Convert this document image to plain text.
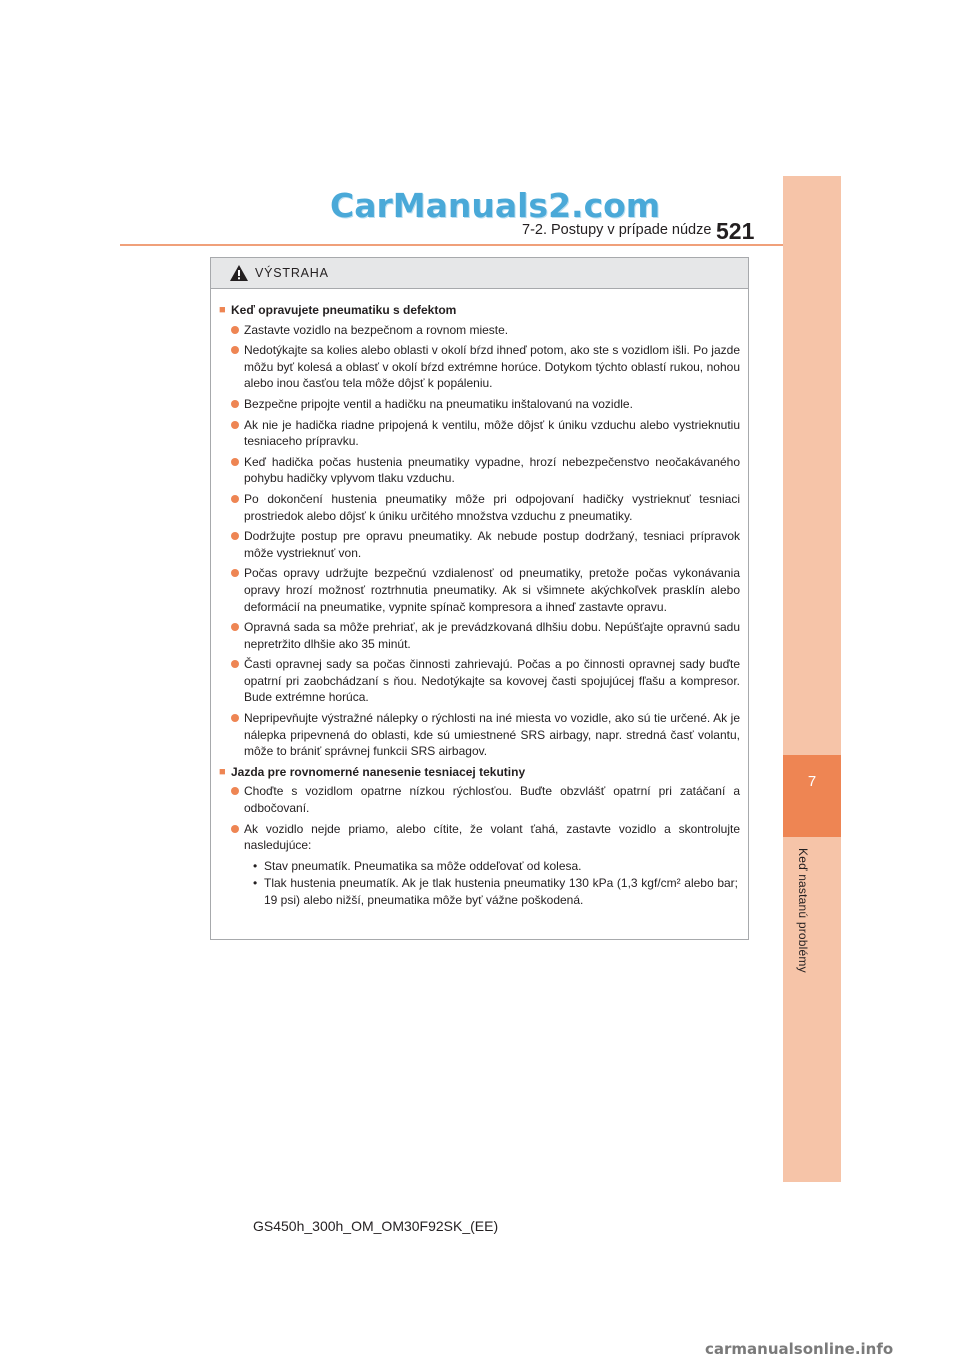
CarManuals2.com
7-2. Postupy v prípade núdze 521
7
Keď nastanú problémy
VÝSTRAHA
■ Keď opravujete pneumatiku s defektom
Zastavte vozidlo na bezpečnom a rovnom mieste.
Nedotýkajte sa kolies alebo oblasti v okolí bŕzd ihneď potom, ako ste s vozidlom išli. Po jazde môžu byť kolesá a oblasť v okolí bŕzd extrémne horúce. Dotykom týchto oblastí rukou, nohou alebo inou časťou tela môže dôjsť k popáleniu.
Bezpečne pripojte ventil a hadičku na pneumatiku inštalovanú na vozidle.
Ak nie je hadička riadne pripojená k ventilu, môže dôjsť k úniku vzduchu alebo vystrieknutiu tesniaceho prípravku.
Keď hadička počas hustenia pneumatiky vypadne, hrozí nebezpečenstvo neočakávaného pohybu hadičky vplyvom tlaku vzduchu.
Po dokončení hustenia pneumatiky môže pri odpojovaní hadičky vystrieknuť tesniaci prostriedok alebo dôjsť k úniku určitého množstva vzduchu z pneumatiky.
Dodržujte postup pre opravu pneumatiky. Ak nebude postup dodržaný, tesniaci prípravok môže vystrieknuť von.
Počas opravy udržujte bezpečnú vzdialenosť od pneumatiky, pretože počas vykonávania opravy hrozí možnosť roztrhnutia pneumatiky. Ak si všimnete akýchkoľvek prasklín alebo deformácií na pneumatike, vypnite spínač kompresora a ihneď zastavte opravu.
Opravná sada sa môže prehriať, ak je prevádzkovaná dlhšiu dobu. Nepúšťajte opravnú sadu nepretržito dlhšie ako 35 minút.
Časti opravnej sady sa počas činnosti zahrievajú. Počas a po činnosti opravnej sady buďte opatrní pri zaobchádzaní s ňou. Nedotýkajte sa kovovej časti spojujúcej fľašu a kompresor. Bude extrémne horúca.
Nepripevňujte výstražné nálepky o rýchlosti na iné miesta vo vozidle, ako sú tie určené. Ak je nálepka pripevnená do oblasti, kde sú umiestnené SRS airbagy, napr. stredná časť volantu, môže to brániť správnej funkcii SRS airbagov.
■ Jazda pre rovnomerné nanesenie tesniacej tekutiny
Choďte s vozidlom opatrne nízkou rýchlosťou. Buďte obzvlášť opatrní pri zatáčaní a odbočovaní.
Ak vozidlo nejde priamo, alebo cítite, že volant ťahá, zastavte vozidlo a skontrolujte nasledujúce:
• Stav pneumatík. Pneumatika sa môže oddeľovať od kolesa.
• Tlak hustenia pneumatík. Ak je tlak hustenia pneumatiky 130 kPa (1,3 kgf/cm² alebo bar; 19 psi) alebo nižší, pneumatika môže byť vážne poškodená.
GS450h_300h_OM_OM30F92SK_(EE)
carmanualsonline.info
